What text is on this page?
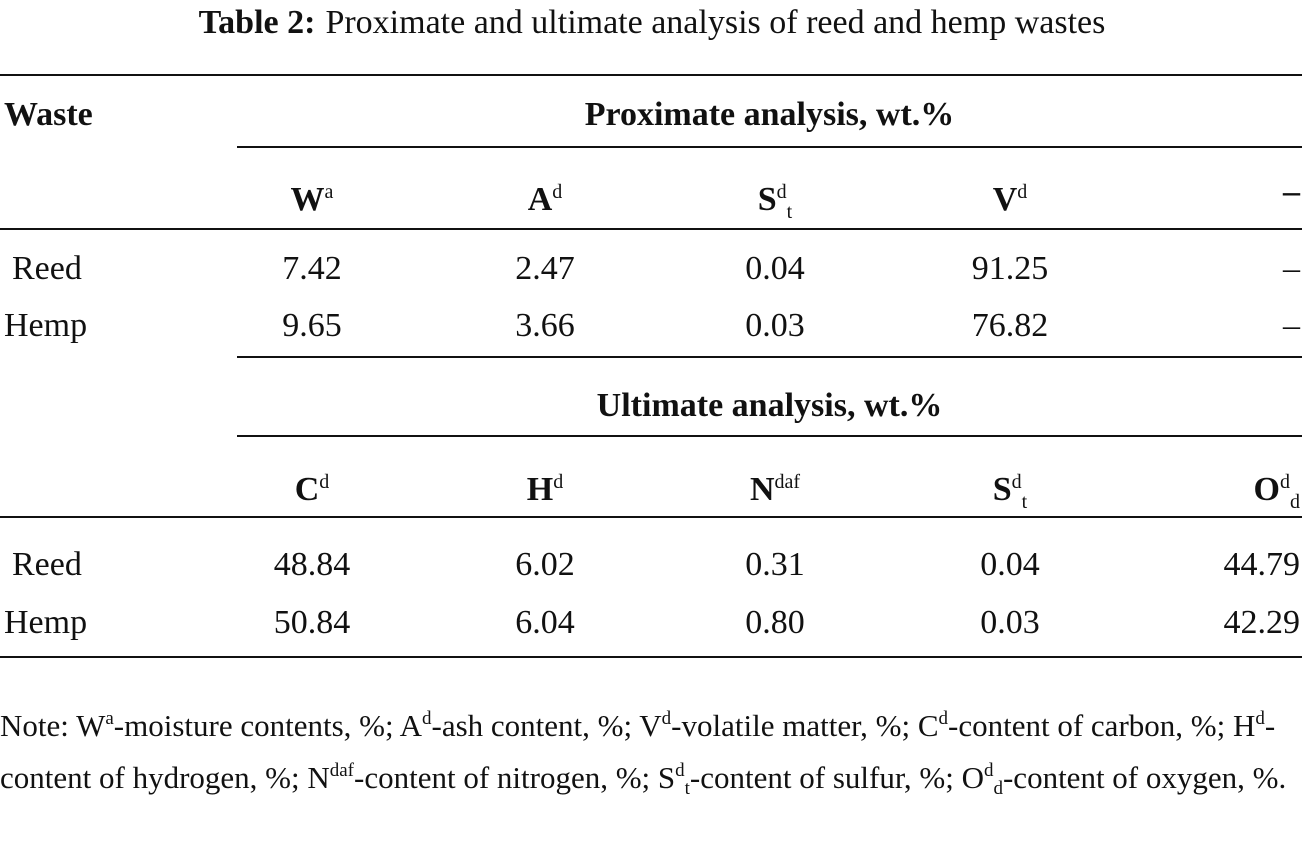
Table 2: Proximate and ultimate analysis of reed and hemp wastes
Waste	Proximate analysis, wt.%
Ultimate analysis, wt.%
$W^a$	$A^d$	$S^d_t$	$V^d$	–
Reed	7.42	2.47	0.04	91.25	–
Hemp	9.65	3.66	0.03	76.82	–
$C^d$	$H^d$	$N^{daf}$	$S^d_t$	$O^d_d$
Reed	48.84	6.02	0.31	0.04	44.79
Hemp	50.84	6.04	0.80	0.03	42.29
Note: $W^a$-moisture contents, %; $A^d$-ash content, %; $V^d$-volatile matter, %; $C^d$-content of carbon, %; $H^d$-content of hydrogen, %; $N^{daf}$-content of nitrogen, %; $S^d_t$-content of sulfur, %; $O^d_d$-content of oxygen, %.
